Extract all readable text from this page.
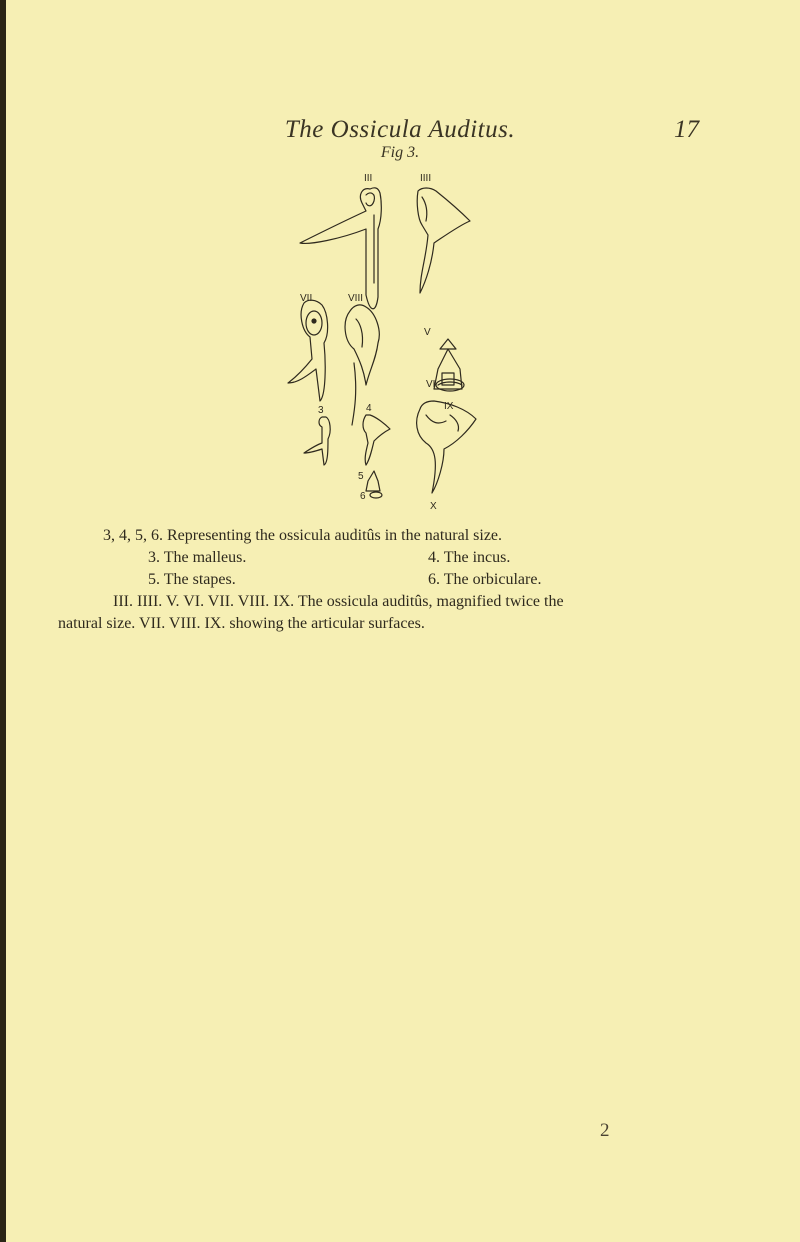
The Ossicula Auditus.	17
Fig 3.
III	IIII
VII	VIII
V
VI
IX
X
3	4
5
6
3, 4, 5, 6. Representing the ossicula auditûs in the natural size.
3. The malleus.	4. The incus.
5. The stapes.	6. The orbiculare.
III. IIII. V. VI. VII. VIII. IX. The ossicula auditûs, magnified twice the
natural size. VII. VIII. IX. showing the articular surfaces.
2
